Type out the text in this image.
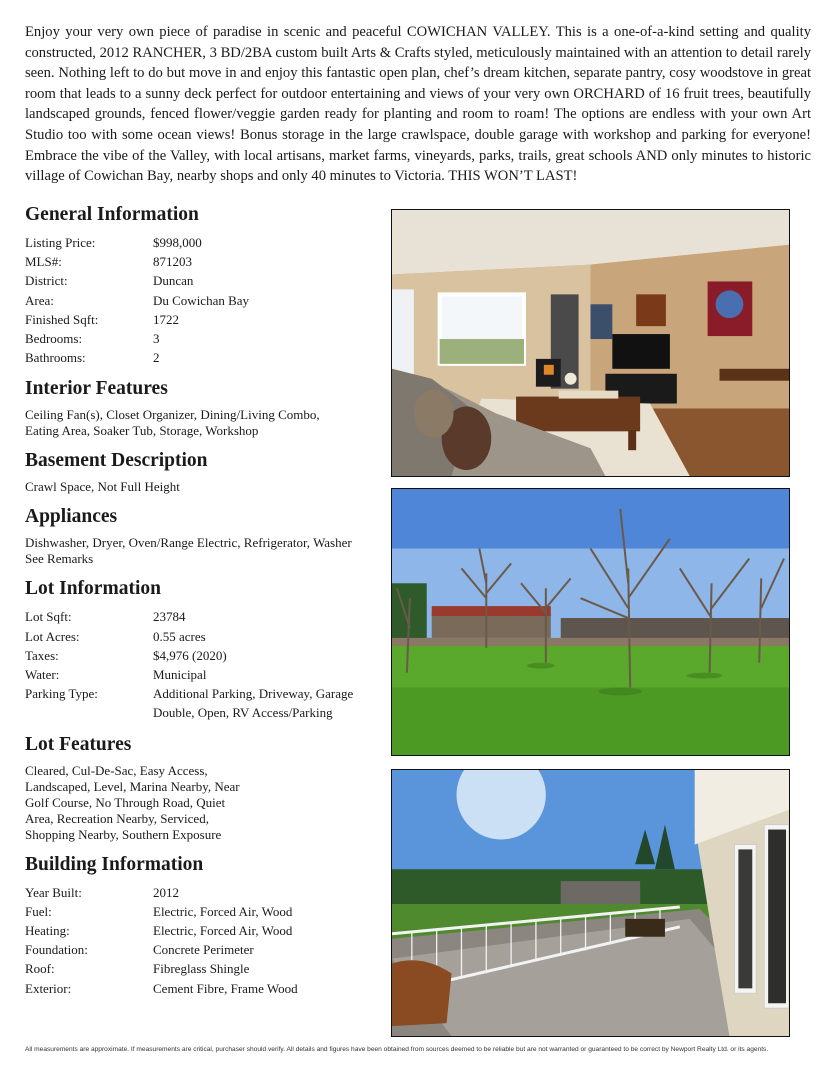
Enjoy your very own piece of paradise in scenic and peaceful COWICHAN VALLEY. This is a one-of-a-kind setting and quality constructed, 2012 RANCHER, 3 BD/2BA custom built Arts & Crafts styled, meticulously maintained with an attention to detail rarely seen. Nothing left to do but move in and enjoy this fantastic open plan, chef’s dream kitchen, separate pantry, cosy woodstove in great room that leads to a sunny deck perfect for outdoor entertaining and views of your very own ORCHARD of 16 fruit trees, beautifully landscaped grounds, fenced flower/veggie garden ready for planting and room to roam! The options are endless with your own Art Studio too with some ocean views! Bonus storage in the large crawlspace, double garage with workshop and parking for everyone! Embrace the vibe of the Valley, with local artisans, market farms, vineyards, parks, trails, great schools AND only minutes to historic village of Cowichan Bay, nearby shops and only 40 minutes to Victoria. THIS WON’T LAST!
General Information
Listing Price:	$998,000
MLS#:	871203
District:	Duncan
Area:	Du Cowichan Bay
Finished Sqft:	1722
Bedrooms:	3
Bathrooms:	2
Interior Features
Ceiling Fan(s), Closet Organizer, Dining/Living Combo,
Eating Area, Soaker Tub, Storage, Workshop
Basement Description
Crawl Space, Not Full Height
Appliances
Dishwasher, Dryer, Oven/Range Electric, Refrigerator, Washer
See Remarks
Lot Information
Lot Sqft:	23784
Lot Acres:	0.55 acres
Taxes:	$4,976 (2020)
Water:	Municipal
Parking Type:	Additional Parking, Driveway, Garage Double, Open, RV Access/Parking
Lot Features
Cleared, Cul-De-Sac, Easy Access, Landscaped, Level, Marina Nearby, Near Golf Course, No Through Road, Quiet Area, Recreation Nearby, Serviced, Shopping Nearby, Southern Exposure
Building Information
Year Built:	2012
Fuel:	Electric, Forced Air, Wood
Heating:	Electric, Forced Air, Wood
Foundation:	Concrete Perimeter
Roof:	Fibreglass Shingle
Exterior:	Cement Fibre, Frame Wood
All measurements are approximate. If measurements are critical, purchaser should verify. All details and figures have been obtained from sources deemed to be reliable but are not warranted or guaranteed to be correct by Newport Realty Ltd. or its agents.
